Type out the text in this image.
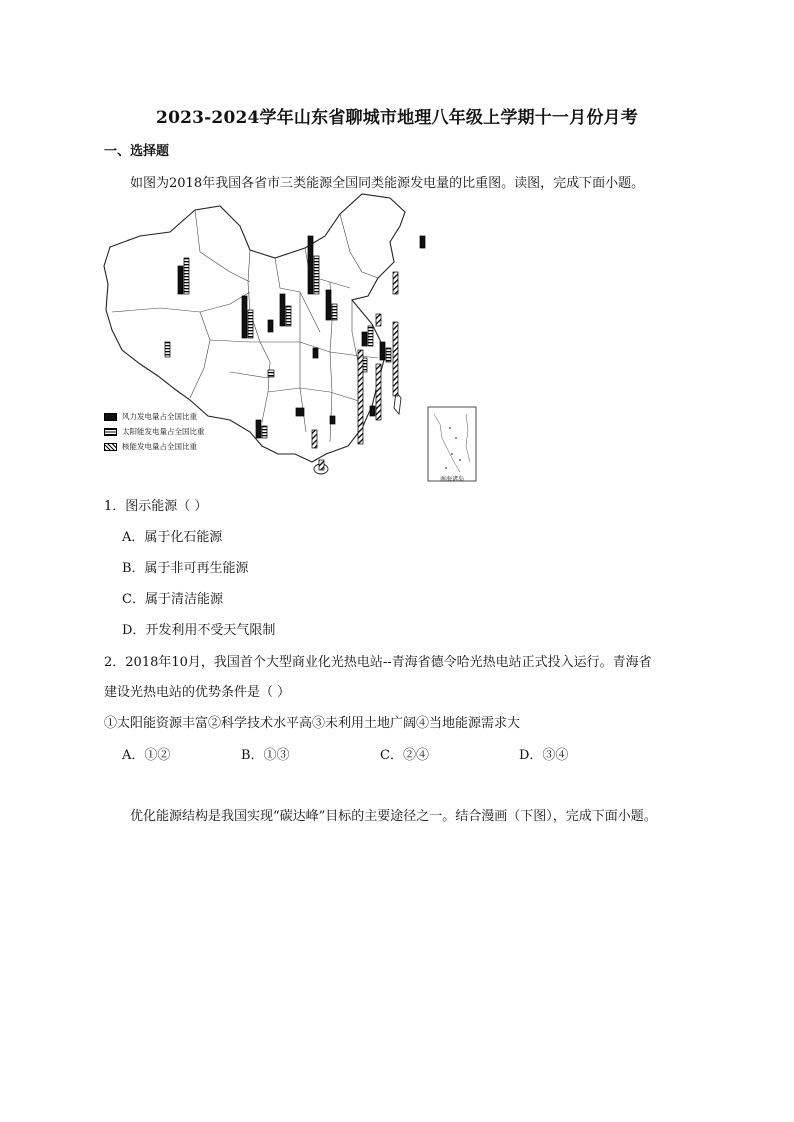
2023-2024学年山东省聊城市地理八年级上学期十一月份月考
一、选择题
如图为2018年我国各省市三类能源全国同类能源发电量的比重图。读图，完成下面小题。
风力发电量占全国比重
太阳能发电量占全国比重
核能发电量占全国比重
南海诸岛
1．图示能源（ ）
A．属于化石能源
B．属于非可再生能源
C．属于清洁能源
D．开发利用不受天气限制
2．2018年10月，我国首个大型商业化光热电站--青海省德令哈光热电站正式投入运行。青海省
建设光热电站的优势条件是（ ）
①太阳能资源丰富②科学技术水平高③未利用土地广阔④当地能源需求大
A．①②	B．①③	C．②④	D．③④
优化能源结构是我国实现“碳达峰”目标的主要途径之一。结合漫画（下图），完成下面小题。
